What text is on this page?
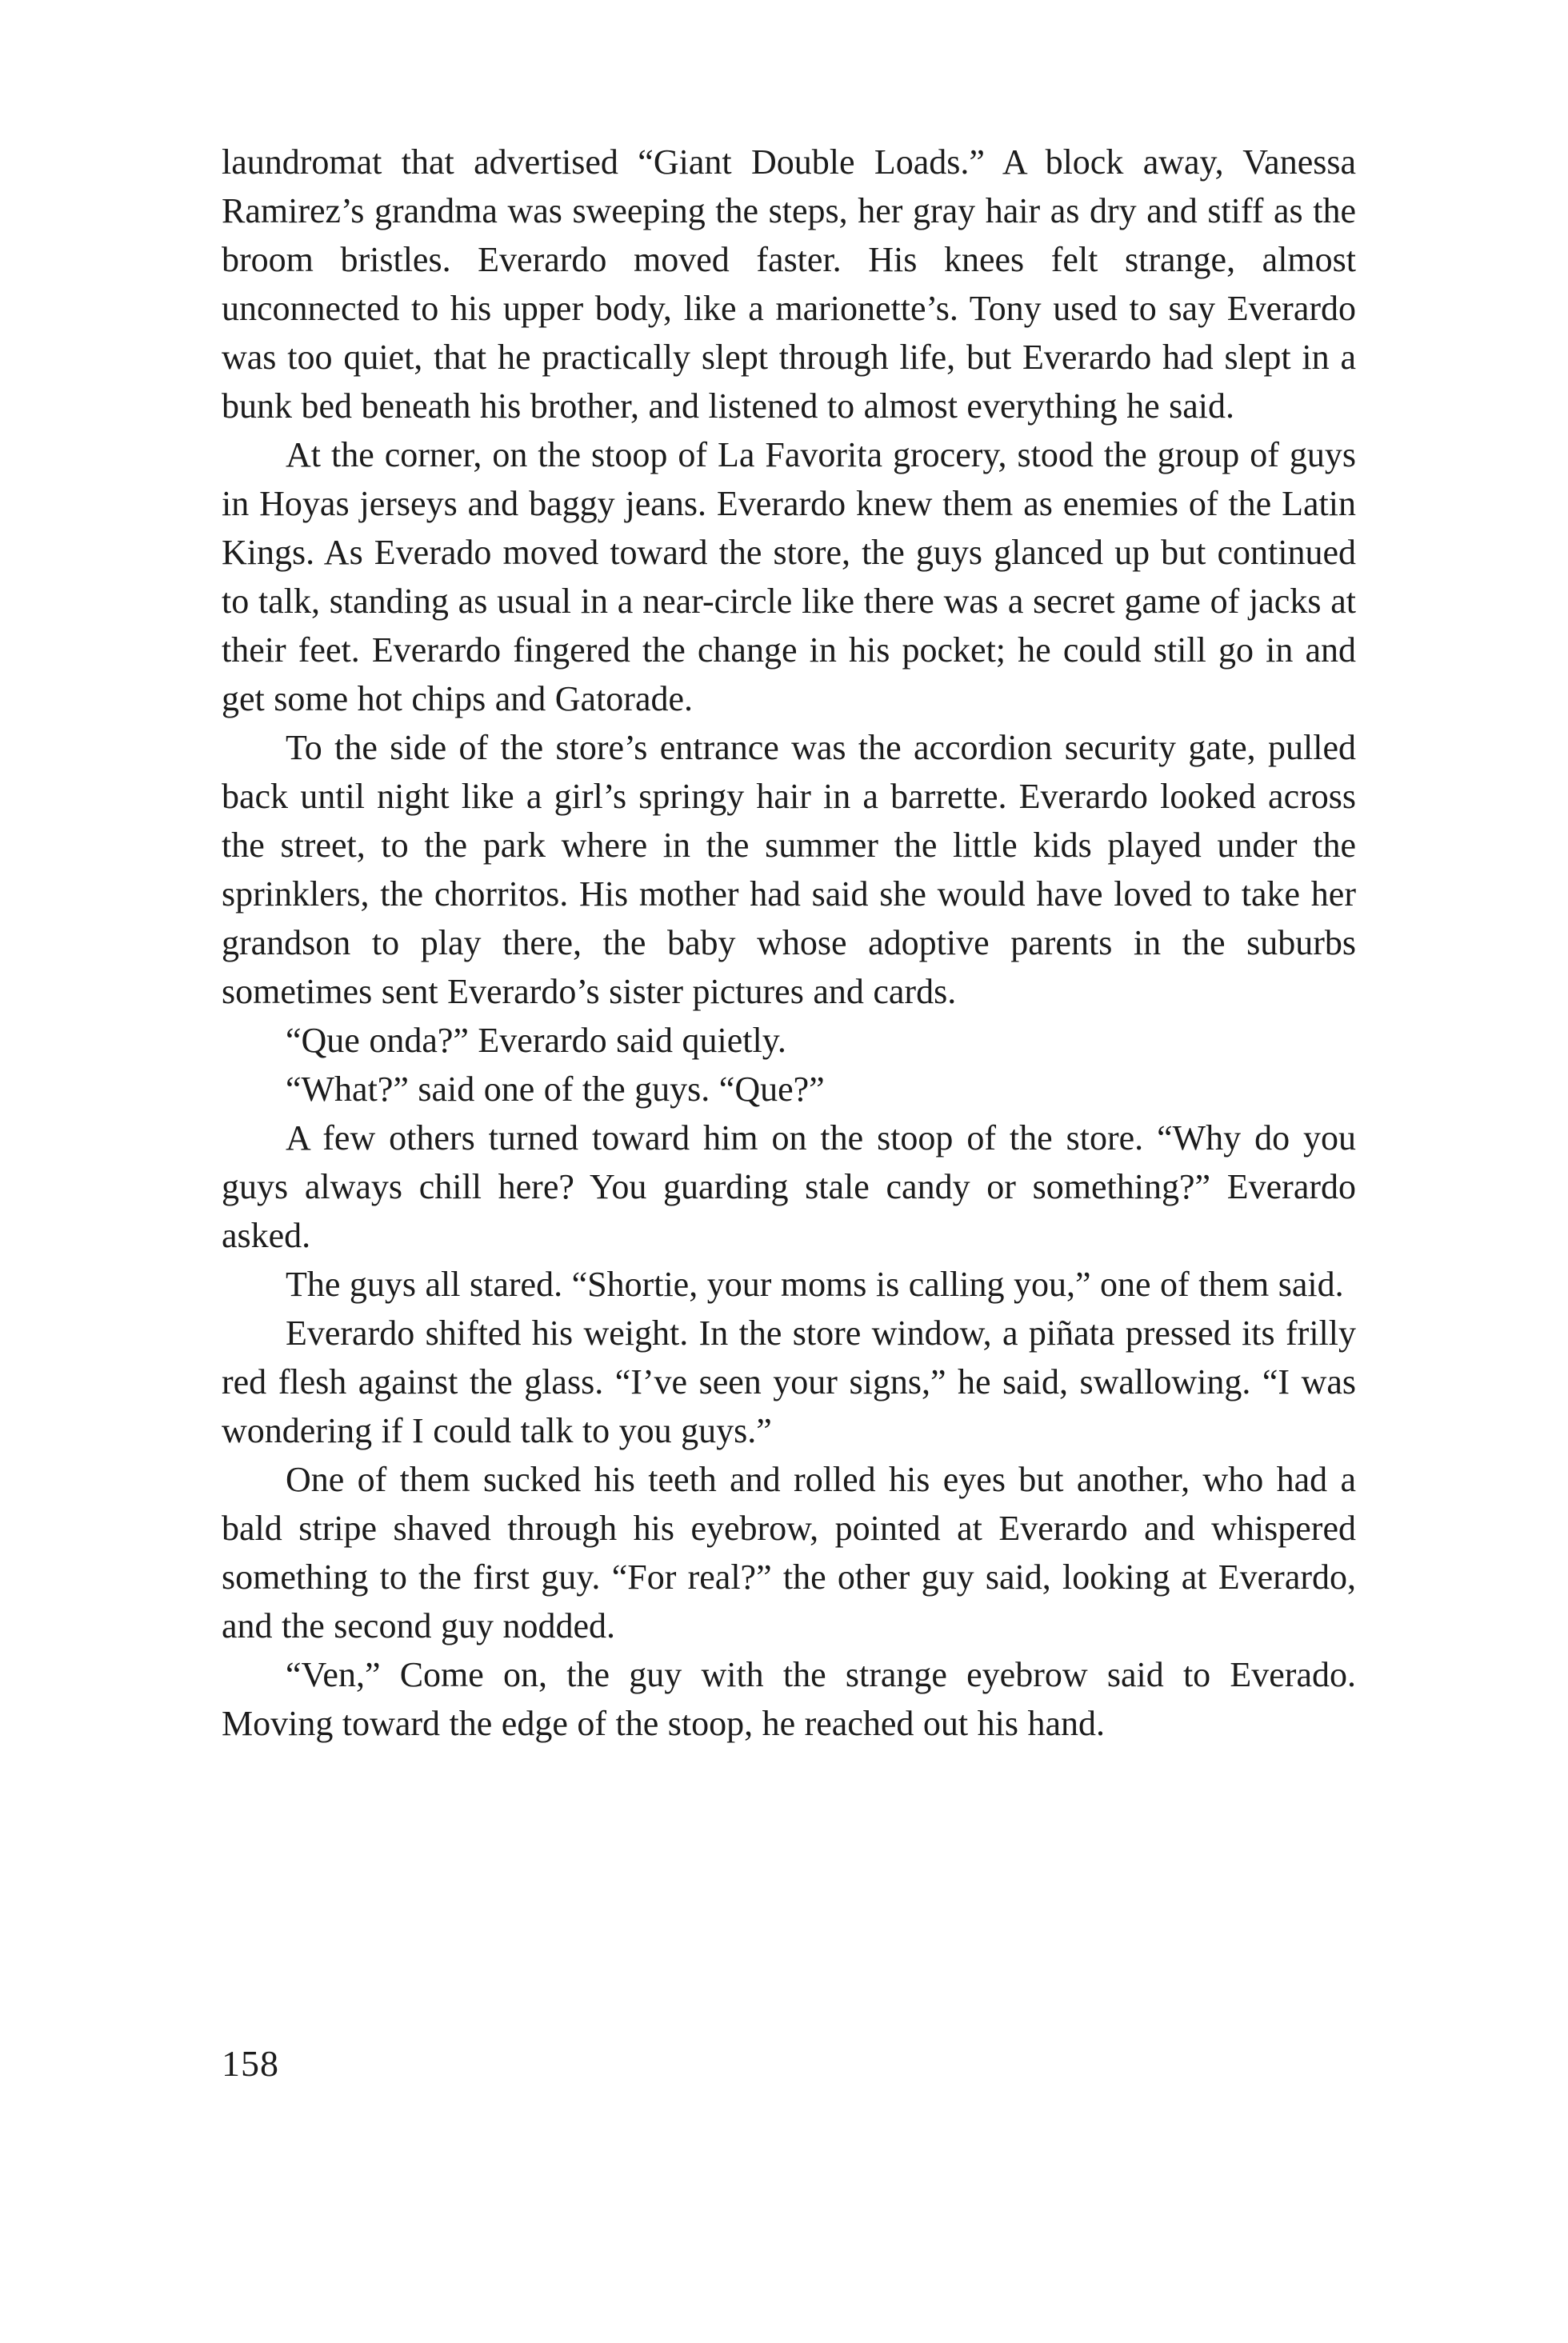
laundromat that advertised “Giant Double Loads.” A block away, Vanessa Ramirez’s grandma was sweeping the steps, her gray hair as dry and stiff as the broom bristles. Everardo moved faster. His knees felt strange, almost unconnected to his upper body, like a marionette’s. Tony used to say Everardo was too quiet, that he practically slept through life, but Everardo had slept in a bunk bed beneath his brother, and listened to almost everything he said.

At the corner, on the stoop of La Favorita grocery, stood the group of guys in Hoyas jerseys and baggy jeans. Everardo knew them as enemies of the Latin Kings. As Everado moved toward the store, the guys glanced up but continued to talk, standing as usual in a near-circle like there was a secret game of jacks at their feet. Everardo fingered the change in his pocket; he could still go in and get some hot chips and Gatorade.

To the side of the store’s entrance was the accordion security gate, pulled back until night like a girl’s springy hair in a barrette. Everardo looked across the street, to the park where in the summer the little kids played under the sprinklers, the chorritos. His mother had said she would have loved to take her grandson to play there, the baby whose adoptive parents in the suburbs sometimes sent Everardo’s sister pictures and cards.

“Que onda?” Everardo said quietly.

“What?” said one of the guys. “Que?”

A few others turned toward him on the stoop of the store. “Why do you guys always chill here? You guarding stale candy or something?” Everardo asked.

The guys all stared. “Shortie, your moms is calling you,” one of them said.

Everardo shifted his weight. In the store window, a piñata pressed its frilly red flesh against the glass. “I’ve seen your signs,” he said, swallowing. “I was wondering if I could talk to you guys.”

One of them sucked his teeth and rolled his eyes but another, who had a bald stripe shaved through his eyebrow, pointed at Everardo and whispered something to the first guy. “For real?” the other guy said, looking at Everardo, and the second guy nodded.

“Ven,” Come on, the guy with the strange eyebrow said to Everado. Moving toward the edge of the stoop, he reached out his hand.

158
